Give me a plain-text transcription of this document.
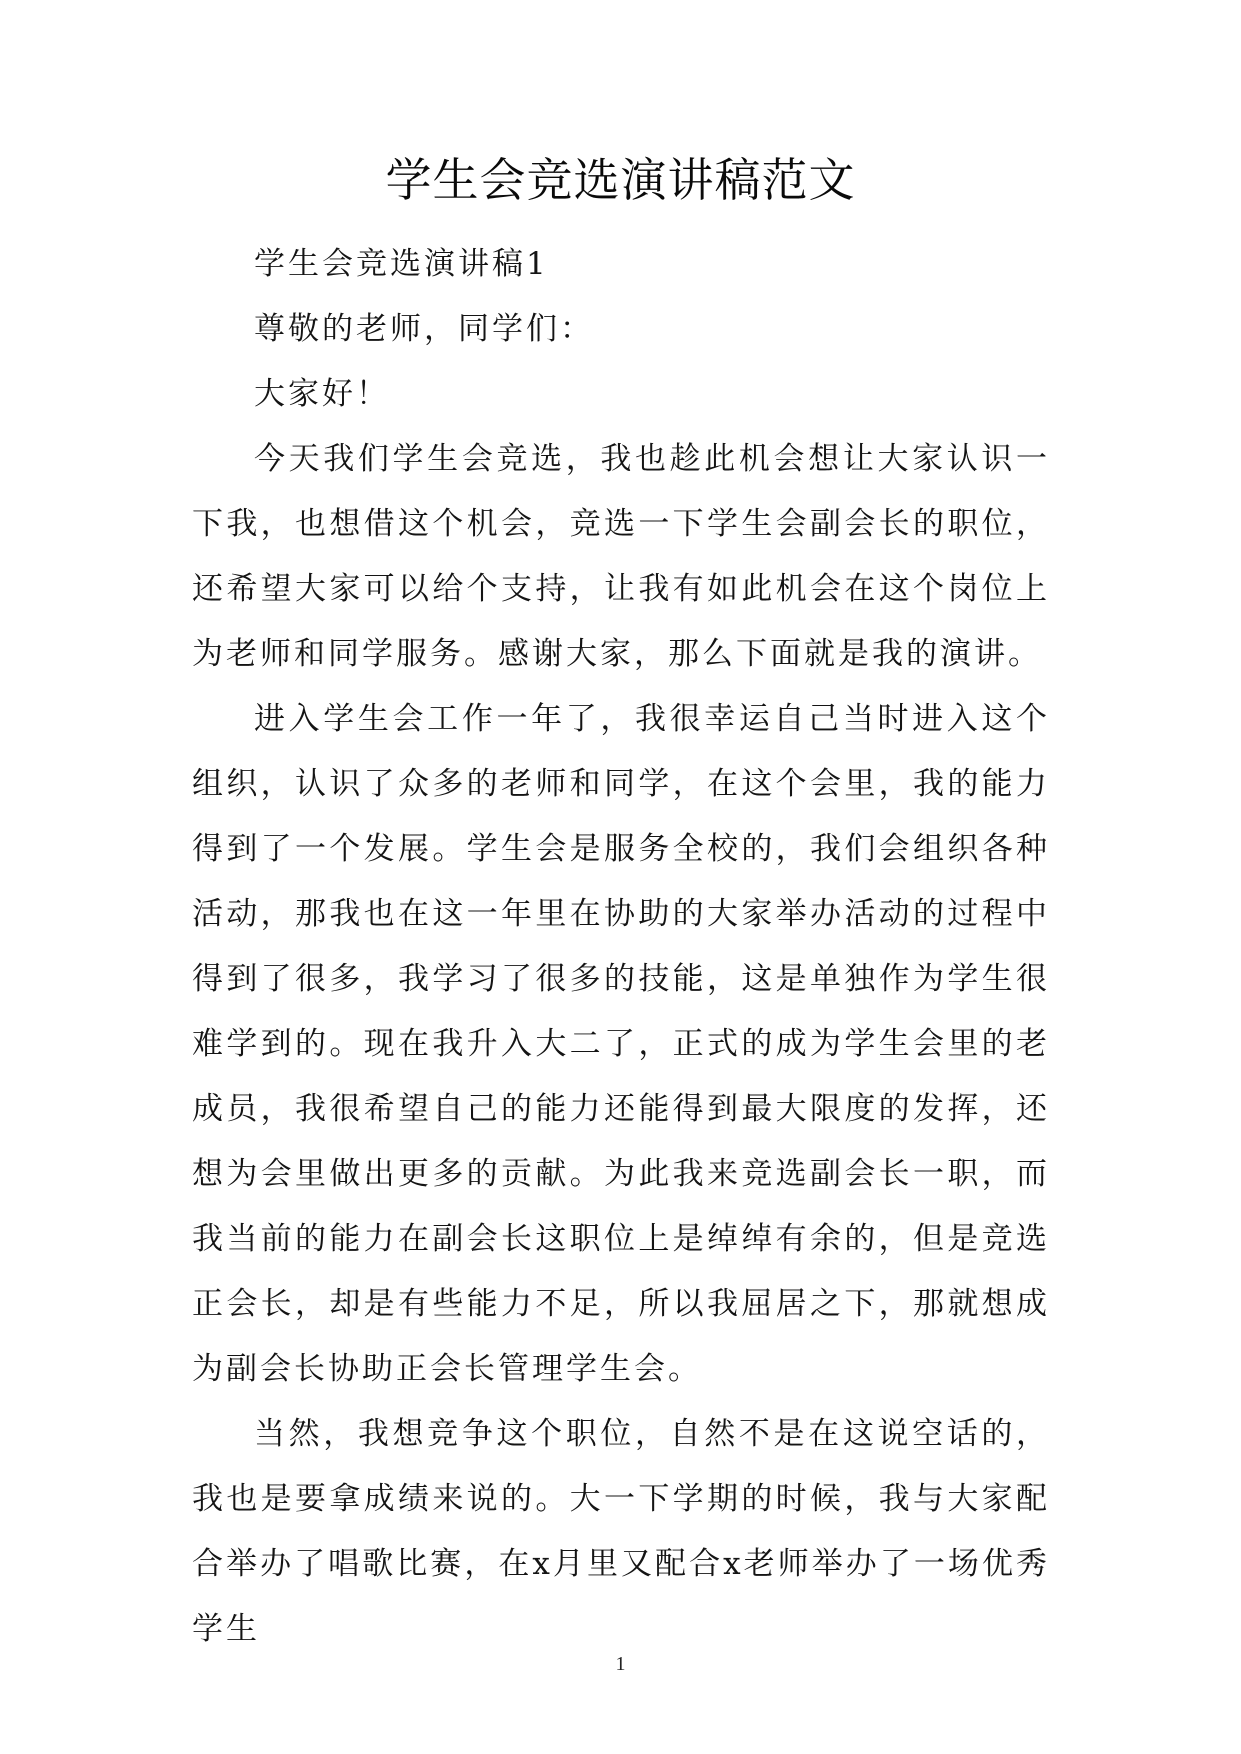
学生会竞选演讲稿范文

学生会竞选演讲稿1

尊敬的老师，同学们：

大家好！

今天我们学生会竞选，我也趁此机会想让大家认识一下我，也想借这个机会，竞选一下学生会副会长的职位，还希望大家可以给个支持，让我有如此机会在这个岗位上为老师和同学服务。感谢大家，那么下面就是我的演讲。

进入学生会工作一年了，我很幸运自己当时进入这个组织，认识了众多的老师和同学，在这个会里，我的能力得到了一个发展。学生会是服务全校的，我们会组织各种活动，那我也在这一年里在协助的大家举办活动的过程中得到了很多，我学习了很多的技能，这是单独作为学生很难学到的。现在我升入大二了，正式的成为学生会里的老成员，我很希望自己的能力还能得到最大限度的发挥，还想为会里做出更多的贡献。为此我来竞选副会长一职，而我当前的能力在副会长这职位上是绰绰有余的，但是竞选正会长，却是有些能力不足，所以我屈居之下，那就想成为副会长协助正会长管理学生会。

当然，我想竞争这个职位，自然不是在这说空话的，我也是要拿成绩来说的。大一下学期的时候，我与大家配合举办了唱歌比赛，在x月里又配合x老师举办了一场优秀学生

1
